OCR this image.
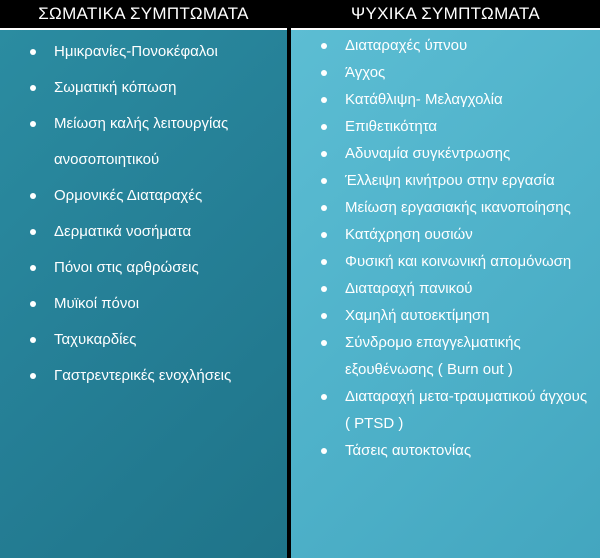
ΣΩΜΑΤΙΚΑ ΣΥΜΠΤΩΜΑΤΑ
Ημικρανίες-Πονοκέφαλοι
Σωματική κόπωση
Μείωση καλής λειτουργίας ανοσοποιητικού
Ορμονικές Διαταραχές
Δερματικά νοσήματα
Πόνοι στις αρθρώσεις
Μυϊκοί πόνοι
Ταχυκαρδίες
Γαστρεντερικές ενοχλήσεις
ΨΥΧΙΚΑ ΣΥΜΠΤΩΜΑΤΑ
Διαταραχές ύπνου
Άγχος
Κατάθλιψη- Μελαγχολία
Επιθετικότητα
Αδυναμία συγκέντρωσης
Έλλειψη κινήτρου στην εργασία
Μείωση εργασιακής ικανοποίησης
Κατάχρηση ουσιών
Φυσική και κοινωνική απομόνωση
Διαταραχή πανικού
Χαμηλή αυτοεκτίμηση
Σύνδρομο επαγγελματικής εξουθένωσης ( Burn out )
Διαταραχή μετα-τραυματικού άγχους ( PTSD )
Τάσεις αυτοκτονίας
